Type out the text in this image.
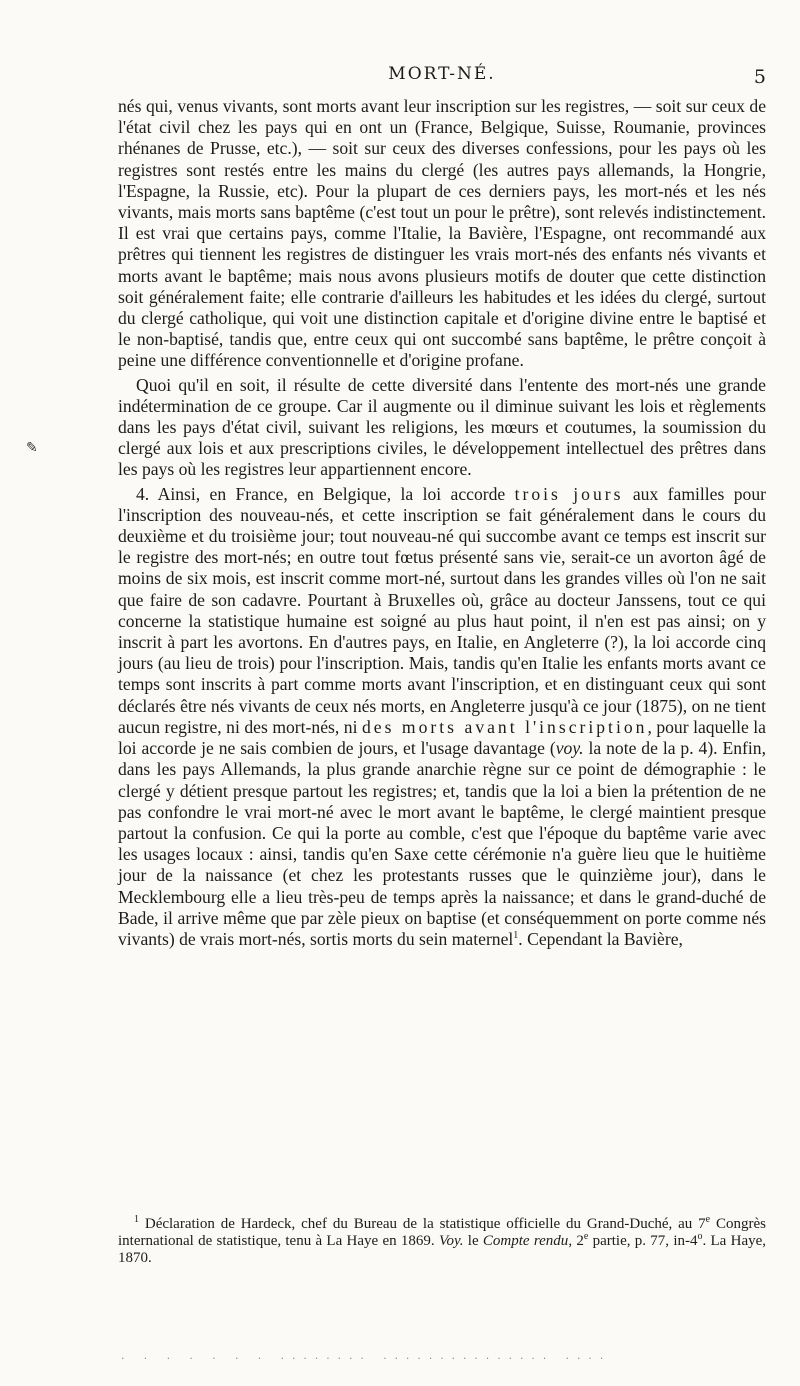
MORT-NÉ.	5
✎

nés qui, venus vivants, sont morts avant leur inscription sur les registres, — soit sur ceux de l'état civil chez les pays qui en ont un (France, Belgique, Suisse, Roumanie, provinces rhénanes de Prusse, etc.), — soit sur ceux des diverses confessions, pour les pays où les registres sont restés entre les mains du clergé (les autres pays allemands, la Hongrie, l'Espagne, la Russie, etc). Pour la plupart de ces derniers pays, les mort-nés et les nés vivants, mais morts sans baptême (c'est tout un pour le prêtre), sont relevés indistinctement. Il est vrai que certains pays, comme l'Italie, la Bavière, l'Espagne, ont recommandé aux prêtres qui tiennent les registres de distinguer les vrais mort-nés des enfants nés vivants et morts avant le baptême; mais nous avons plusieurs motifs de douter que cette distinction soit généralement faite; elle contrarie d'ailleurs les habitudes et les idées du clergé, surtout du clergé catholique, qui voit une distinction capitale et d'origine divine entre le baptisé et le non-baptisé, tandis que, entre ceux qui ont succombé sans baptême, le prêtre conçoit à peine une différence conventionnelle et d'origine profane.

Quoi qu'il en soit, il résulte de cette diversité dans l'entente des mort-nés une grande indétermination de ce groupe. Car il augmente ou il diminue suivant les lois et règlements dans les pays d'état civil, suivant les religions, les mœurs et coutumes, la soumission du clergé aux lois et aux prescriptions civiles, le développement intellectuel des prêtres dans les pays où les registres leur appartiennent encore.

4. Ainsi, en France, en Belgique, la loi accorde trois jours aux familles pour l'inscription des nouveau-nés, et cette inscription se fait généralement dans le cours du deuxième et du troisième jour; tout nouveau-né qui succombe avant ce temps est inscrit sur le registre des mort-nés; en outre tout fœtus présenté sans vie, serait-ce un avorton âgé de moins de six mois, est inscrit comme mort-né, surtout dans les grandes villes où l'on ne sait que faire de son cadavre. Pourtant à Bruxelles où, grâce au docteur Janssens, tout ce qui concerne la statistique humaine est soigné au plus haut point, il n'en est pas ainsi; on y inscrit à part les avortons. En d'autres pays, en Italie, en Angleterre (?), la loi accorde cinq jours (au lieu de trois) pour l'inscription. Mais, tandis qu'en Italie les enfants morts avant ce temps sont inscrits à part comme morts avant l'inscription, et en distinguant ceux qui sont déclarés être nés vivants de ceux nés morts, en Angleterre jusqu'à ce jour (1875), on ne tient aucun registre, ni des mort-nés, ni des morts avant l'inscription, pour laquelle la loi accorde je ne sais combien de jours, et l'usage davantage (voy. la note de la p. 4). Enfin, dans les pays Allemands, la plus grande anarchie règne sur ce point de démographie : le clergé y détient presque partout les registres; et, tandis que la loi a bien la prétention de ne pas confondre le vrai mort-né avec le mort avant le baptême, le clergé maintient presque partout la confusion. Ce qui la porte au comble, c'est que l'époque du baptême varie avec les usages locaux : ainsi, tandis qu'en Saxe cette cérémonie n'a guère lieu que le huitième jour de la naissance (et chez les protestants russes que le quinzième jour), dans le Mecklembourg elle a lieu très-peu de temps après la naissance; et dans le grand-duché de Bade, il arrive même que par zèle pieux on baptise (et conséquemment on porte comme nés vivants) de vrais mort-nés, sortis morts du sein maternel$^1$. Cependant la Bavière,

$^1$ Déclaration de Hardeck, chef du Bureau de la statistique officielle du Grand-Duché, au 7e Congrès international de statistique, tenu à La Haye en 1869. Voy. le Compte rendu, 2e partie, p. 77, in-4$^o$. La Haye, 1870.

. . . . . . . ........ ............... ....
